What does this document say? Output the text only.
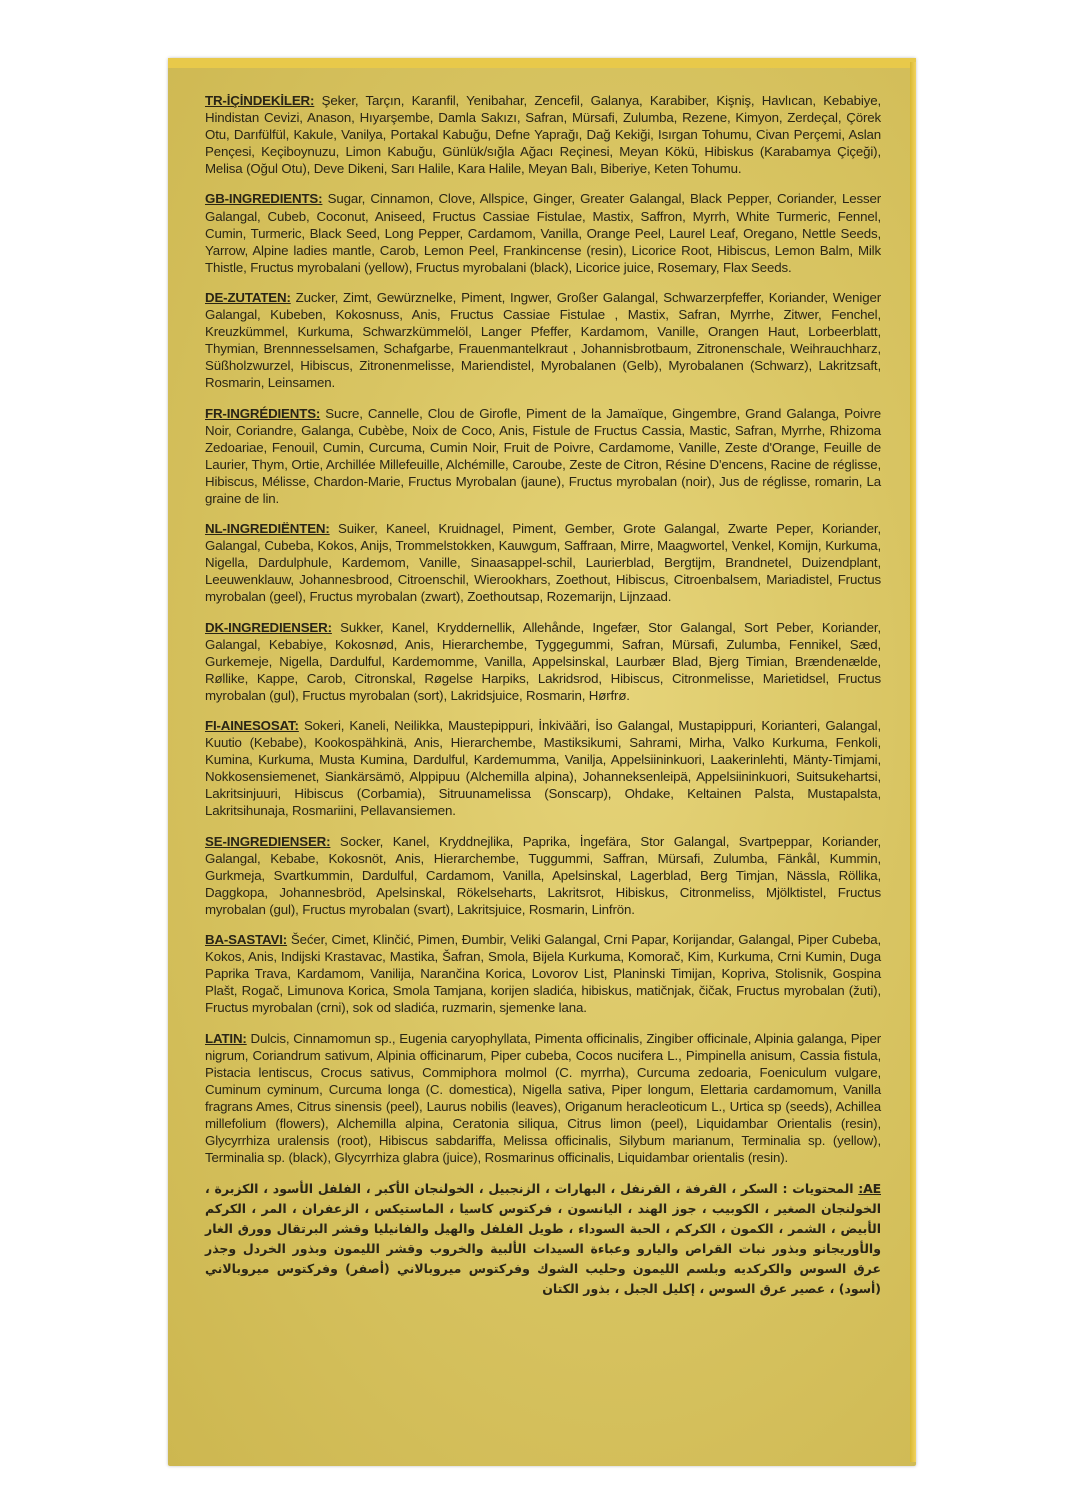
TR-İÇİNDEKİLER: Şeker, Tarçın, Karanfil, Yenibahar, Zencefil, Galanya, Karabiber, Kişniş, Havlıcan, Kebabiye, Hindistan Cevizi, Anason, Hıyarşembe, Damla Sakızı, Safran, Mürsafi, Zulumba, Rezene, Kimyon, Zerdeçal, Çörek Otu, Darıfülfül, Kakule, Vanilya, Portakal Kabuğu, Defne Yaprağı, Dağ Kekiği, Isırgan Tohumu, Civan Perçemi, Aslan Pençesi, Keçiboynuzu, Limon Kabuğu, Günlük/sığla Ağacı Reçinesi, Meyan Kökü, Hibiskus (Karabamya Çiçeği), Melisa (Oğul Otu), Deve Dikeni, Sarı Halile, Kara Halile, Meyan Balı, Biberiye, Keten Tohumu.

GB-INGREDIENTS: Sugar, Cinnamon, Clove, Allspice, Ginger, Greater Galangal, Black Pepper, Coriander, Lesser Galangal, Cubeb, Coconut, Aniseed, Fructus Cassiae Fistulae, Mastix, Saffron, Myrrh, White Turmeric, Fennel, Cumin, Turmeric, Black Seed, Long Pepper, Cardamom, Vanilla, Orange Peel, Laurel Leaf, Oregano, Nettle Seeds, Yarrow, Alpine ladies mantle, Carob, Lemon Peel, Frankincense (resin), Licorice Root, Hibiscus, Lemon Balm, Milk Thistle, Fructus myrobalani (yellow), Fructus myrobalani (black), Licorice juice, Rosemary, Flax Seeds.

DE-ZUTATEN: Zucker, Zimt, Gewürznelke, Piment, Ingwer, Großer Galangal, Schwarzerpfeffer, Koriander, Weniger Galangal, Kubeben, Kokosnuss, Anis, Fructus Cassiae Fistulae , Mastix, Safran, Myrrhe, Zitwer, Fenchel, Kreuzkümmel, Kurkuma, Schwarzkümmelöl, Langer Pfeffer, Kardamom, Vanille, Orangen Haut, Lorbeerblatt, Thymian, Brennnesselsamen, Schafgarbe, Frauenmantelkraut , Johannisbrotbaum, Zitronenschale, Weihrauchharz, Süßholzwurzel, Hibiscus, Zitronenmelisse, Mariendistel, Myrobalanen (Gelb), Myrobalanen (Schwarz), Lakritzsaft, Rosmarin, Leinsamen.

FR-INGRÉDIENTS: Sucre, Cannelle, Clou de Girofle, Piment de la Jamaïque, Gingembre, Grand Galanga, Poivre Noir, Coriandre, Galanga, Cubèbe, Noix de Coco, Anis, Fistule de Fructus Cassia, Mastic, Safran, Myrrhe, Rhizoma Zedoariae, Fenouil, Cumin, Curcuma, Cumin Noir, Fruit de Poivre, Cardamome, Vanille, Zeste d'Orange, Feuille de Laurier, Thym, Ortie, Archillée Millefeuille, Alchémille, Caroube, Zeste de Citron, Résine D'encens, Racine de réglisse, Hibiscus, Mélisse, Chardon-Marie, Fructus Myrobalan (jaune), Fructus myrobalan (noir), Jus de réglisse, romarin, La graine de lin.

NL-INGREDIËNTEN: Suiker, Kaneel, Kruidnagel, Piment, Gember, Grote Galangal, Zwarte Peper, Koriander, Galangal, Cubeba, Kokos, Anijs, Trommelstokken, Kauwgum, Saffraan, Mirre, Maagwortel, Venkel, Komijn, Kurkuma, Nigella, Dardulphule, Kardemom, Vanille, Sinaasappel-schil, Laurierblad, Bergtijm, Brandnetel, Duizendplant, Leeuwenklauw, Johannesbrood, Citroenschil, Wierookhars, Zoethout, Hibiscus, Citroenbalsem, Mariadistel, Fructus myrobalan (geel), Fructus myrobalan (zwart), Zoethoutsap, Rozemarijn, Lijnzaad.

DK-INGREDIENSER: Sukker, Kanel, Kryddernellik, Allehånde, Ingefær, Stor Galangal, Sort Peber, Koriander, Galangal, Kebabiye, Kokosnød, Anis, Hierarchembe, Tyggegummi, Safran, Mürsafi, Zulumba, Fennikel, Sæd, Gurkemeje, Nigella, Dardulful, Kardemomme, Vanilla, Appelsinskal, Laurbær Blad, Bjerg Timian, Brændenælde, Røllike, Kappe, Carob, Citronskal, Røgelse Harpiks, Lakridsrod, Hibiscus, Citronmelisse, Marietidsel, Fructus myrobalan (gul), Fructus myrobalan (sort), Lakridsjuice, Rosmarin, Hørfrø.

FI-AINESOSAT: Sokeri, Kaneli, Neilikka, Maustepippuri, İnkiväări, İso Galangal, Mustapippuri, Korianteri, Galangal, Kuutio (Kebabe), Kookospähkinä, Anis, Hierarchembe, Mastiksikumi, Sahrami, Mirha, Valko Kurkuma, Fenkoli, Kumina, Kurkuma, Musta Kumina, Dardulful, Kardemumma, Vanilja, Appelsiininkuori, Laakerinlehti, Mänty-Timjami, Nokkosensiemenet, Siankärsämö, Alppipuu (Alchemilla alpina), Johanneksenleipä, Appelsiininkuori, Suitsukehartsi, Lakritsinjuuri, Hibiscus (Corbamia), Sitruunamelissa (Sonscarp), Ohdake, Keltainen Palsta, Mustapalsta, Lakritsihunaja, Rosmariini, Pellavansiemen.

SE-INGREDIENSER: Socker, Kanel, Kryddnejlika, Paprika, İngefära, Stor Galangal, Svartpeppar, Koriander, Galangal, Kebabe, Kokosnöt, Anis, Hierarchembe, Tuggummi, Saffran, Mürsafi, Zulumba, Fänkål, Kummin, Gurkmeja, Svartkummin, Dardulful, Cardamom, Vanilla, Apelsinskal, Lagerblad, Berg Timjan, Nässla, Röllika, Daggkopa, Johannesbröd, Apelsinskal, Rökelseharts, Lakritsrot, Hibiskus, Citronmeliss, Mjölktistel, Fructus myrobalan (gul), Fructus myrobalan (svart), Lakritsjuice, Rosmarin, Linfrön.

BA-SASTAVI: Šećer, Cimet, Klinčić, Pimen, Đumbir, Veliki Galangal, Crni Papar, Korijandar, Galangal, Piper Cubeba, Kokos, Anis, Indijski Krastavac, Mastika, Šafran, Smola, Bijela Kurkuma, Komorač, Kim, Kurkuma, Crni Kumin, Duga Paprika Trava, Kardamom, Vanilija, Narančina Korica, Lovorov List, Planinski Timijan, Kopriva, Stolisnik, Gospina Plašt, Rogač, Limunova Korica, Smola Tamjana, korijen sladića, hibiskus, matičnjak, čičak, Fructus myrobalan (žuti), Fructus myrobalan (crni), sok od sladića, ruzmarin, sjemenke lana.

LATIN: Dulcis, Cinnamomun sp., Eugenia caryophyllata, Pimenta officinalis, Zingiber officinale, Alpinia galanga, Piper nigrum, Coriandrum sativum, Alpinia officinarum, Piper cubeba, Cocos nucifera L., Pimpinella anisum, Cassia fistula, Pistacia lentiscus, Crocus sativus, Commiphora molmol (C. myrrha), Curcuma zedoaria, Foeniculum vulgare, Cuminum cyminum, Curcuma longa (C. domestica), Nigella sativa, Piper longum, Elettaria cardamomum, Vanilla fragrans Ames, Citrus sinensis (peel), Laurus nobilis (leaves), Origanum heracleoticum L., Urtica sp (seeds), Achillea millefolium (flowers), Alchemilla alpina, Ceratonia siliqua, Citrus limon (peel), Liquidambar Orientalis (resin), Glycyrrhiza uralensis (root), Hibiscus sabdariffa, Melissa officinalis, Silybum marianum, Terminalia sp. (yellow), Terminalia sp. (black), Glycyrrhiza glabra (juice), Rosmarinus officinalis, Liquidambar orientalis (resin).

AE: المحتويات : السكر ، القرفة ، القرنفل ، البهارات ، الزنجبيل ، الخولنجان الأكبر ، الفلفل الأسود ، الكزبرة ، الخولنجان الصغير ، الكوبيب ، جوز الهند ، اليانسون ، فركتوس كاسيا ، الماستيكس ، الزعفران ، المر ، الكركم الأبيض ، الشمر ، الكمون ، الكركم ، الحبة السوداء ، طويل الفلفل والهيل والفانيليا وقشر البرتقال وورق الغار والأوريجانو وبذور نبات القراص واليارو وعباءة السيدات الألبية والخروب وقشر الليمون وبذور الخردل وجذر عرق السوس والكركديه وبلسم الليمون وحليب الشوك وفركتوس ميروبالاني (أصفر) وفركتوس ميروبالاني (أسود) ، عصير عرق السوس ، إكليل الجبل ، بذور الكتان
